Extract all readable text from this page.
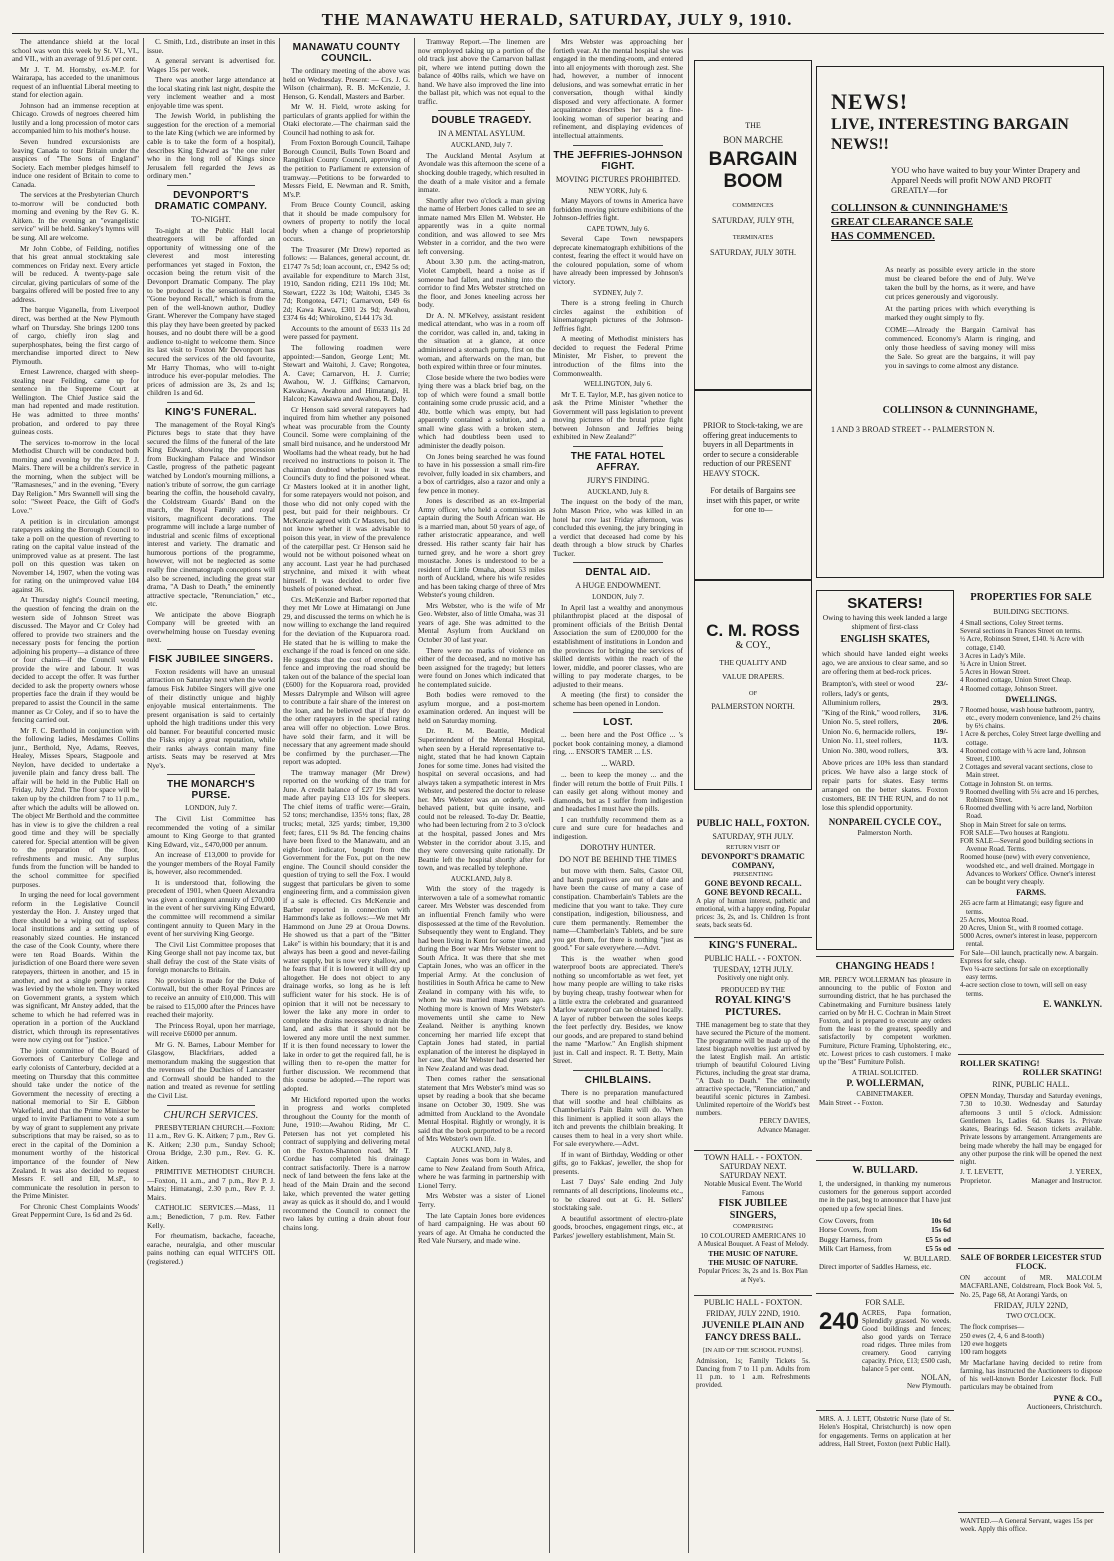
THE MANAWATU HERALD, SATURDAY, JULY 9, 1910.

The attendance shield at the local school was won this week by St. VI., VI., and VII., with an average of 91.6 per cent.

Mr J. T. M. Hornsby, ex-M.P. for Wairarapa, has acceded to the unanimous request of an influential Liberal meeting to stand for election again.

Johnson had an immense reception at Chicago. Crowds of negroes cheered him lustily and a long procession of motor cars accompanied him to his mother's house.

Seven hundred excursionists are leaving Canada to tour Britain under the auspices of "The Sons of England" Society. Each member pledges himself to induce one resident of Britain to come to Canada.

The services at the Presbyterian Church to-morrow will be conducted both morning and evening by the Rev G. K. Aitken. In the evening an "evangelistic service" will be held. Sankey's hymns will be sung. All are welcome.

Mr John Cobbe, of Feilding, notifies that his great annual stocktaking sale commences on Friday next. Every article will be reduced. A twenty-page sale circular, giving particulars of some of the bargains offered will be posted free to any address.

The barque Viganella, from Liverpool direct, was berthed at the New Plymouth wharf on Thursday. She brings 1200 tons of cargo, chiefly iron slag and superphosphates, being the first cargo of merchandise imported direct to New Plymouth.

Ernest Lawrence, charged with sheep-stealing near Feilding, came up for sentence in the Supreme Court at Wellington. The Chief Justice said the man had repented and made restitution. He was admitted to three months' probation, and ordered to pay three guineas costs.

The services to-morrow in the local Methodist Church will be conducted both morning and evening by the Rev. P. J. Mairs. There will be a children's service in the morning, when the subject will be "Ramasneses," and in the evening, "Every Day Religion." Mrs Swannell will sing the solo: "Sweet Peace, the Gift of God's Love."

A petition is in circulation amongst ratepayers asking the Borough Council to take a poll on the question of reverting to rating on the capital value instead of the unimproved value as at present. The last poll on this question was taken on November 14, 1907, when the voting was for rating on the unimproved value 104 against 36.

At Thursday night's Council meeting, the question of fencing the drain on the western side of Johnson Street was discussed. The Mayor and Cr Coley had offered to provide two strainers and the necessary posts for fencing the portion adjoining his property—a distance of three or four chains—if the Council would provide the wire and labour. It was decided to accept the offer. It was further decided to ask the property owners whose properties face the drain if they would be prepared to assist the Council in the same manner as Cr Coley, and if so to have the fencing carried out.

Mr F. C. Berthold in conjunction with the following ladies, Mesdames Collins junr., Berthold, Nye, Adams, Reeves, Healey, Misses Spears, Stagpoole and Neylon, have decided to undertake a juvenile plain and fancy dress ball. The affair will be held in the Public Hall on Friday, July 22nd. The floor space will be taken up by the children from 7 to 11 p.m., after which the adults will be allowed on. The object Mr Berthold and the committee has in view is to give the children a real good time and they will be specially catered for. Special attention will be given to the preparation of the floor, refreshments and music. Any surplus funds from the function will be handed to the school committee for specified purposes.

In urging the need for local government reform in the Legislative Council yesterday the Hon. J. Anstey urged that there should be a wiping out of useless local institutions and a setting up of reasonably sized counties. He instanced the case of the Cook County, where there were ten Road Boards. Within the jurisdiction of one Board there were seven ratepayers, thirteen in another, and 15 in another, and not a single penny in rates was levied by the whole ten. They worked on Government grants, a system which was significant, Mr Anstey added, that the scheme to which he had referred was in operation in a portion of the Auckland district, which through its representatives were now crying out for "justice."

The joint committee of the Board of Governors of Canterbury College and early colonists of Canterbury, decided at a meeting on Thursday that this committee should take under the notice of the Government the necessity of erecting a national memorial to Sir E. Gibbon Wakefield, and that the Prime Minister be urged to invite Parliament to vote a sum by way of grant to supplement any private subscriptions that may be raised, so as to erect in the capital of the Dominion a monument worthy of the historical importance of the founder of New Zealand. It was also decided to request Messrs F. sell and Ell, M.sP., to communicate the resolution in person to the Prime Minister.

For Chronic Chest Complaints Woods' Great Peppermint Cure, 1s 6d and 2s 6d.

C. Smith, Ltd., distribute an inset in this issue.

A general servant is advertised for. Wages 15s per week.

There was another large attendance at the local skating rink last night, despite the very inclement weather and a most enjoyable time was spent.

The Jewish World, in publishing the suggestion for the erection of a memorial to the late King (which we are informed by cable is to take the form of a hospital), describes King Edward as "the one ruler who in the long roll of Kings since Jerusalem fell regarded the Jews as ordinary men."

DEVONPORT'S DRAMATIC COMPANY.
TO-NIGHT.

To-night at the Public Hall local theatregoers will be afforded an opportunity of witnessing one of the cleverest and most interesting performances yet staged in Foxton, the occasion being the return visit of the Devonport Dramatic Company. The play to be produced is the sensational drama, "Gone beyond Recall," which is from the pen of the well-known author, Dudley Grant. Wherever the Company have staged this play they have been greeted by packed houses, and no doubt there will be a good audience to-night to welcome them. Since its last visit to Foxton Mr Devonport has secured the services of the old favourite, Mr Harry Thomas, who will to-night introduce his ever-popular melodies. The prices of admission are 3s, 2s and 1s; children 1s and 6d.

KING'S FUNERAL.

The management of the Royal King's Pictures begs to state that they have secured the films of the funeral of the late King Edward, showing the procession from Buckingham Palace and Windsor Castle, progress of the pathetic pageant watched by London's mourning millions, a nation's tribute of sorrow, the gun carriage bearing the coffin, the household cavalry, the Coldstream Guards' Band on the march, the Royal Family and royal visitors, magnificent decorations. The programme will include a large number of industrial and scenic films of exceptional interest and variety. The dramatic and humorous portions of the programme, however, will not be neglected as some really fine cinematograph conceptions will also be screened, including the great star drama, "A Dash to Death," the eminently attractive spectacle, "Renunciation," etc., etc.

We anticipate the above Biograph Company will be greeted with an overwhelming house on Tuesday evening next.

FISK JUBILEE SINGERS.

Foxton residents will have an unusual attraction on Saturday next when the world famous Fisk Jubilee Singers will give one of their distinctly unique and highly enjoyable musical entertainments. The present organisation is said to certainly uphold the high traditions under this very old banner. For beautiful concerted music the Fisks enjoy a great reputation, while their ranks always contain many fine artists. Seats may be reserved at Mrs Nye's.

THE MONARCH'S PURSE.

LONDON, July 7.

The Civil List Committee has recommended the voting of a similar amount to King George to that granted King Edward, viz., £470,000 per annum.

An increase of £13,000 to provide for the younger members of the Royal Family is, however, also recommended.

It is understood that, following the precedent of 1901, when Queen Alexandra was given a contingent annuity of £70,000 in the event of her surviving King Edward, the committee will recommend a similar contingent annuity to Queen Mary in the event of her surviving King George.

The Civil List Committee proposes that King George shall not pay income tax, but shall defray the cost of the State visits of foreign monarchs to Britain.

No provision is made for the Duke of Cornwall, but the other Royal Princes are to receive an annuity of £10,000. This will be raised to £15,000 after the Princes have reached their majority.

The Princess Royal, upon her marriage, will receive £6000 per annum.

Mr G. N. Barnes, Labour Member for Glasgow, Blackfriars, added a memorandum making the suggestion that the revenues of the Duchies of Lancaster and Cornwall should be handed to the nation and treated as revenue for settling the Civil List.

CHURCH SERVICES.

PRESBYTERIAN CHURCH.—Foxton: 11 a.m., Rev G. K. Aitken; 7 p.m., Rev G. K. Aitken; 2.30 p.m., Sunday School; Oroua Bridge, 2.30 p.m., Rev. G. K. Aitken.

PRIMITIVE METHODIST CHURCH.—Foxton, 11 a.m., and 7 p.m., Rev P. J. Mairs; Himatangi, 2.30 p.m., Rev P. J. Mairs.

CATHOLIC SERVICES.—Mass, 11 a.m.; Benediction, 7 p.m. Rev. Father Kelly.

For rheumatism, backache, faceache, earache, neuralgia, and other muscular pains nothing can equal WITCH'S OIL (registered.)

MANAWATU COUNTY COUNCIL.

The ordinary meeting of the above was held on Wednesday. Present: — Crs. J. G. Wilson (chairman), R. B. McKenzie, J. Henson, G. Kendall, Masters and Barber.

Mr W. H. Field, wrote asking for particulars of grants applied for within the Otaki electorate.—The chairman said the Council had nothing to ask for.

From Foxton Borough Council, Taihape Borough Council, Bulls Town Board and Rangitikei County Council, approving of the petition to Parliament re extension of tramway.—Petitions to be forwarded to Messrs Field, E. Newman and R. Smith, M's.P.

From Bruce County Council, asking that it should be made compulsory for owners of property to notify the local body when a change of proprietorship occurs.

The Treasurer (Mr Drew) reported as follows: — Balances, general account, dr. £1747 7s 5d; loan account, cr., £942 5s od; available for expenditure to March 31st, 1910, Sandon riding, £211 19s 10d; Mt. Stewart, £222 3s 10d; Waitohi, £345 3s 7d; Rongotea, £471; Carnarvon, £49 6s 2d; Kawa Kawa, £301 2s 9d; Awahou, £374 6s 4d; Whirokino, £144 17s 3d.

Accounts to the amount of £633 11s 2d were passed for payment.

The following roadmen were appointed:—Sandon, George Lent; Mt. Stewart and Waitohi, J. Cave; Rongotea, A. Cave; Carnarvon, H. J. Currie; Awahou, W. J. Giffkins; Carnarvon, Kawakawa, Awahou and Himatangi, H. Halcon; Kawakawa and Awahou, R. Daly.

Cr Henson said several ratepayers had inquired from him whether any poisoned wheat was procurable from the County Council. Some were complaining of the small bird nuisance, and he understood Mr Woollams had the wheat ready, but he had received no instructions to poison it. The chairman doubted whether it was the Council's duty to find the poisoned wheat. Cr Masters looked at it in another light, for some ratepayers would not poison, and those who did not only coped with the pest, but paid for their neighbours. Cr McKenzie agreed with Cr Masters, but did not know whether it was advisable to poison this year, in view of the prevalence of the caterpillar pest. Cr Henson said he would not be without poisoned wheat on any account. Last year he had purchased strychnine, and mixed it with wheat himself. It was decided to order five bushels of poisoned wheat.

Crs. McKenzie and Barber reported that they met Mr Lowe at Himatangi on June 29, and discussed the terms on which he is now willing to exchange the land required for the deviation of the Kupuarora road. He stated that he is willing to make the exchange if the road is fenced on one side. He suggests that the cost of erecting the fence and improving the road should be taken out of the balance of the special loan (£600) for the Kopuarora road, provided Messrs Dalrymple and Wilson will agree to contribute a fair share of the interest on the loan, and he believed that if they do the other ratepayers in the special rating area will offer no objection. Lowe Bros. have sold their farm, and it will be necessary that any agreement made should be confirmed by the purchaser.—The report was adopted.

The tramway manager (Mr Drew) reported on the working of the tram for June. A credit balance of £27 19s 8d was made after paying £13 10s for sleepers. The chief items of traffic were:—Grain, 52 tons; merchandise, 135½ tons; flax, 28 trucks; metal, 325 yards; timber, 19,300 feet; fares, £11 9s 8d. The fencing chains have been fixed to the Manawatu, and an eight-foot indicator, bought from the Government for the Fox, put on the new engine. The Council should consider the question of trying to sell the Fox. I would suggest that particulars be given to some engineering firm, and a commission given if a sale is effected. Crs McKenzie and Barber reported in connection with Hammond's lake as follows:—We met Mr Hammond on June 29 at Oroua Downs. He showed us that a part of the "Bitter Lake" is within his boundary; that it is and always has been a good and never-failing water supply, but is now very shallow, and he fears that if it is lowered it will dry up altogether. He does not object to any drainage works, so long as he is left sufficient water for his stock. He is of opinion that it will not be necessary to lower the lake any more in order to complete the drains necessary to drain the land, and asks that it should not be lowered any more until the next summer. If it is then found necessary to lower the lake in order to get the required fall, he is willing then to re-open the matter for further discussion. We recommend that this course be adopted.—The report was adopted.

Mr Hickford reported upon the works in progress and works completed throughout the County for the month of June, 1910:—Awahou Riding, Mr C. Petersen has not yet completed his contract of supplying and delivering metal on the Foxton-Shannon road. Mr T. Cordue has completed his drainage contract satisfactorily. There is a narrow neck of land between the fens lake at the head of the Main Drain and the second lake, which prevented the water getting away as quick as it should do, and I would recommend the Council to connect the two lakes by cutting a drain about four chains long.

Tramway Report.—The linemen are now employed taking up a portion of the old track just above the Carnarvon ballast pit, where we intend putting down the balance of 40lbs rails, which we have on hand. We have also improved the line into the ballast pit, which was not equal to the traffic.

DOUBLE TRAGEDY.
IN A MENTAL ASYLUM.

AUCKLAND, July 7.

The Auckland Mental Asylum at Avondale was this afternoon the scene of a shocking double tragedy, which resulted in the death of a male visitor and a female inmate.

Shortly after two o'clock a man giving the name of Herbert Jones called to see an inmate named Mrs Ellen M. Webster. He apparently was in a quite normal condition, and was allowed to see Mrs Webster in a corridor, and the two were left conversing.

About 3.30 p.m. the acting-matron, Violet Campbell, heard a noise as if someone had fallen, and rushing into the corridor to find Mrs Webster stretched on the floor, and Jones kneeling across her body.

Dr A. N. M'Kelvey, assistant resident medical attendant, who was in a room off the corridor, was called in, and, taking in the situation at a glance, at once administered a stomach pump, first on the woman, and afterwards on the man, but both expired within three or four minutes.

Close beside where the two bodies were lying there was a black brief bag, on the top of which were found a small bottle containing some crude prussic acid, and a 40z. bottle which was empty, but had apparently contained a solution, and a small wine glass with a broken stem, which had doubtless been used to administer the deadly poison.

On Jones being searched he was found to have in his possession a small rim-fire revolver, fully loaded in six chambers, and a box of cartridges, also a razor and only a few pence in money.

Jones is described as an ex-Imperial Army officer, who held a commission as captain during the South African war. He is a married man, about 50 years of age, of rather aristocratic appearance, and well dressed. His rather scanty fair hair has turned grey, and he wore a short grey moustache. Jones is understood to be a resident of Little Omaha, about 53 miles north of Auckland, where his wife resides and has been taking charge of three of Mrs Webster's young children.

Mrs Webster, who is the wife of Mr Geo. Webster, also of little Omaha, was 31 years of age. She was admitted to the Mental Asylum from Auckland on October 30 of last year.

There were no marks of violence on either of the deceased, and no motive has been assigned for the tragedy; but letters were found on Jones which indicated that he contemplated suicide.

Both bodies were removed to the asylum morgue, and a post-mortem examination ordered. An inquest will be held on Saturday morning.

Dr. R. M. Beattie, Medical Superintendent of the Mental Hospital, when seen by a Herald representative to-night, stated that he had known Captain Jones for some time. Jones had visited the hospital on several occasions, and had always taken a sympathetic interest in Mrs Webster, and pestered the doctor to release her. Mrs Webster was an orderly, well-behaved patient, but quite insane, and could not be released. To-day Dr. Beattie, who had been lecturing from 2 to 3 o'clock at the hospital, passed Jones and Mrs Webster in the corridor about 3.15, and they were conversing quite rationally. Dr Beattie left the hospital shortly after for town, and was recalled by telephone.

AUCKLAND, July 8.

With the story of the tragedy is interwoven a tale of a somewhat romantic career. Mrs Webster was descended from an influential French family who were dispossessed at the time of the Revolution. Subsequently they went to England. They had been living in Kent for some time, and during the Boer war Mrs Webster went to South Africa. It was there that she met Captain Jones, who was an officer in the Imperial Army. At the conclusion of hostilities in South Africa he came to New Zealand in company with his wife, to whom he was married many years ago. Nothing more is known of Mrs Webster's movements until she came to New Zealand. Neither is anything known concerning her married life except that Captain Jones had stated, in partial explanation of the interest he displayed in her case, that Mr Webster had deserted her in New Zealand and was dead.

Then comes rather the sensational statement that Mrs Webster's mind was so upset by reading a book that she became insane on October 30, 1909. She was admitted from Auckland to the Avondale Mental Hospital. Rightly or wrongly, it is said that the book purported to be a record of Mrs Webster's own life.

AUCKLAND, July 8.

Captain Jones was born in Wales, and came to New Zealand from South Africa, where he was farming in partnership with Lionel Terry.

Mrs Webster was a sister of Lionel Terry.

The late Captain Jones bore evidences of hard campaigning. He was about 60 years of age. At Omaha he conducted the Red Vale Nursery, and made wine.

Mrs Webster was approaching her fortieth year. At the mental hospital she was engaged in the mending-room, and entered into all enjoyments with thorough zest. She had, however, a number of innocent delusions, and was somewhat erratic in her conversation, though withal kindly disposed and very affectionate. A former acquaintance describes her as a fine-looking woman of superior bearing and refinement, and displaying evidences of intellectual attainments.

THE JEFFRIES-JOHNSON FIGHT.
MOVING PICTURES PROHIBITED.

NEW YORK, July 6.

Many Mayors of towns in America have forbidden moving picture exhibitions of the Johnson-Jeffries fight.

CAPE TOWN, July 6.

Several Cape Town newspapers deprecate kinematograph exhibitions of the contest, fearing the effect it would have on the coloured population, some of whom have already been impressed by Johnson's victory.

SYDNEY, July 7.

There is a strong feeling in Church circles against the exhibition of kinematograph pictures of the Johnson-Jeffries fight.

A meeting of Methodist ministers has decided to request the Federal Prime Minister, Mr Fisher, to prevent the introduction of the films into the Commonwealth.

WELLINGTON, July 6.

Mr T. E. Taylor, M.P., has given notice to ask the Prime Minister "whether the Government will pass legislation to prevent moving pictures of the brutal prize fight between Johnson and Jeffries being exhibited in New Zealand?"

THE FATAL HOTEL AFFRAY.
JURY'S FINDING.

AUCKLAND, July 8.

The inquest on the body of the man, John Mason Price, who was killed in an hotel bar row last Friday afternoon, was concluded this evening, the jury bringing in a verdict that deceased had come by his death through a blow struck by Charles Tucker.

DENTAL AID.
A HUGE ENDOWMENT.

LONDON, July 7.

In April last a wealthy and anonymous philanthropist placed at the disposal of prominent officials of the British Dental Association the sum of £200,000 for the establishment of institutions in London and the provinces for bringing the services of skilled dentists within the reach of the lower, middle, and poorer classes, who are willing to pay moderate charges, to be adjusted to their means.

A meeting (the first) to consider the scheme has been opened in London.

LOST.

... been here and the Post Office ... 's pocket book containing money, a diamond ring, ... ENSOR'S TAMER ... LS.

... WARD.

... been to keep the money ... and the finder will return the bottle of Fruit Pills. I can easily get along without money and diamonds, but as I suffer from indigestion and headaches I must have the pills.

I can truthfully recommend them as a cure and sure cure for headaches and indigestion.

DOROTHY HUNTER.
DO NOT BE BEHIND THE TIMES

but move with them. Salts, Castor Oil, and harsh purgatives are out of date and have been the cause of many a case of constipation. Chamberlain's Tablets are the medicine that you want to take. They cure constipation, indigestion, biliousness, and cure them permanently. Remember the name—Chamberlain's Tablets, and be sure you get them, for there is nothing "just as good." For sale everywhere.—Advt.

This is the weather when good waterproof boots are appreciated. There's nothing so uncomfortable as wet feet, yet how many people are willing to take risks by buying cheap, trashy footwear when for a little extra the celebrated and guaranteed Marlow waterproof can be obtained locally. A layer of rubber between the soles keeps the feet perfectly dry. Besides, we know our goods, and are prepared to stand behind the name "Marlow." An English shipment just in. Call and inspect. R. T. Betty, Main Street.

CHILBLAINS.

There is no preparation manufactured that will soothe and heal chilblains as Chamberlain's Pain Balm will do. When this liniment is applied it soon allays the itch and prevents the chilblain breaking. It causes them to heal in a very short while. For sale everywhere.—Advt.

If in want of Birthday, Wedding or other gifts, go to Fakkas', jeweller, the shop for presents.

Last 7 Days' Sale ending 2nd July remnants of all descriptions, linoleums etc., to be cleared out at G. H. Sellers' stocktaking sale.

A beautiful assortment of electro-plate goods, brooches, engagement rings, etc., at Parkes' jewellery establishment, Main St.

THE
BON MARCHE
BARGAIN
BOOM
COMMENCES
SATURDAY, JULY 9TH,
TERMINATES
SATURDAY, JULY 30TH.
PRIOR to Stock-taking, we are offering great inducements to buyers in all Departments in order to secure a considerable reduction of our PRESENT HEAVY STOCK.
For details of Bargains see inset with this paper, or write for one to—
C. M. ROSS
& COY.,
THE QUALITY AND
VALUE DRAPERS.
OF
PALMERSTON NORTH.
PUBLIC HALL, FOXTON.
SATURDAY, 9TH JULY.
RETURN VISIT OF
DEVONPORT'S DRAMATIC COMPANY,
PRESENTING
GONE BEYOND RECALL.
GONE BEYOND RECALL.
A play of human interest, pathetic and emotional, with a happy ending. Popular prices: 3s, 2s, and 1s. Children 1s front seats, back seats 6d.
KING'S FUNERAL.
PUBLIC HALL - - FOXTON.
TUESDAY, 12TH JULY.
Positively one night only.
PRODUCED BY THE
ROYAL KING'S PICTURES.
THE management beg to state that they have secured the Picture of the moment. The programme will be made up of the latest biograph novelties just arrived by the latest English mail. An artistic triumph of beautiful Coloured Living Pictures, including the great star drama, "A Dash to Death." The eminently attractive spectacle, "Renunciation," and beautiful scenic pictures in Zambesi. Unlimited repertoire of the World's best numbers.
PERCY DAVIES,
Advance Manager.
TOWN HALL - - FOXTON.
SATURDAY NEXT.
SATURDAY NEXT.
Notable Musical Event. The World Famous
FISK JUBILEE SINGERS,
COMPRISING
10 COLOURED AMERICANS 10
A Musical Bouquet. A Feast of Melody.
THE MUSIC OF NATURE.
THE MUSIC OF NATURE.
Popular Prices: 3s, 2s and 1s. Box Plan at Nye's.
PUBLIC HALL - FOXTON.
FRIDAY, JULY 22ND, 1910.
JUVENILE PLAIN AND FANCY DRESS BALL.
[IN AID OF THE SCHOOL FUNDS].
Admission, 1s; Family Tickets 5s. Dancing from 7 to 11 p.m. Adults from 11 p.m. to 1 a.m. Refreshments provided.
SKATERS!
Owing to having this week landed a large shipment of first-class
ENGLISH SKATES,
which should have landed eight weeks ago, we are anxious to clear same, and so are offering them at bed-rock prices.
Brampton's, with steel or wood rollers, lady's or gents,
23/-
Alluminium rollers,	29/3.
"King of the Rink," wood rollers, 31/6.
Union No. 5, steel rollers,	20/6.
Union No. 6, hermacide rollers,	19/-
Union No. 11, steel rollers,	11/3.
Union No. 380, wood rollers,	3/3.
Above prices are 10% less than standard prices. We have also a large stock of repair parts for skates. Easy terms arranged on the better skates. Foxton customers, BE IN THE RUN, and do not lose this splendid opportunity.
NONPAREIL CYCLE COY.,
Palmerston North.
NEWS!
LIVE, INTERESTING BARGAIN NEWS!!
YOU who have waited to buy your Winter Drapery and Apparel Needs will profit NOW AND PROFIT GREATLY—for
COLLINSON & CUNNINGHAME'S
GREAT CLEARANCE SALE
HAS COMMENCED.

As nearly as possible every article in the store must be cleared before the end of July. We've taken the bull by the horns, as it were, and have cut prices generously and vigorously.

At the parting prices with which everything is marked they ought simply to fly.

COME—Already the Bargain Carnival has commenced. Economy's Alarm is ringing, and only those heedless of saving money will miss the Sale. So great are the bargains, it will pay you in savings to come almost any distance.

COLLINSON & CUNNINGHAME,
1 AND 3 BROAD STREET - - PALMERSTON N.
PROPERTIES FOR SALE
BUILDING SECTIONS.
4 Small sections, Coley Street terms.
Several sections in Frances Street on terms.
½ Acre, Robinson Street, £140. ¾ Acre with cottage, £140.
3 Acres in Lady's Mile.
¾ Acre in Union Street.
5 Acres in Howan Street.
4 Roomed cottage, Union Street Cheap.
4 Roomed cottage, Johnson Street.
DWELLINGS.
7 Roomed house, wash house bathroom, pantry, etc., every modern convenience, land 2½ chains by 6½ chains.
1 Acre & perches, Coley Street large dwelling and cottage.
4 Roomed cottage with ¼ acre land, Johnson Street, £100.
2 Cottages and several vacant sections, close to Main street.
Cottage in Johnston St. on terms.
9 Roomed dwelling with 5¼ acre and 16 perches, Robinson Street.
6 Roomed dwelling with ¾ acre land, Norbiton Road.
Shop in Main Street for sale on terms.
FOR SALE—Two houses at Rangiotu.
FOR SALE—Several good building sections in Avenue Road. Terms.
Roomed house (new) with every convenience, woodshed etc., and well drained. Mortgage in Advances to Workers' Office. Owner's interest can be bought very cheaply.
FARMS.
265 acre farm at Himatangi; easy figure and terms.
25 Acres, Moutoa Road.
20 Acres, Union St., with 8 roomed cottage.
5000 Acres, owner's interest in lease, peppercorn rental.
For Sale—Oil launch, practically new. A bargain.
Express for sale, cheap.
Two ¼-acre sections for sale on exceptionally easy terms.
4-acre section close to town, will sell on easy terms.
E. WANKLYN.
CHANGING HEADS !
MR. PERCY WOLLERMAN has pleasure in announcing to the public of Foxton and surrounding district, that he has purchased the Cabinetmaking and Furniture business lately carried on by Mr H. C. Cochran in Main Street Foxton, and is prepared to execute any orders from the least to the greatest, speedily and satisfactorily by competent workmen. Furniture, Picture Framing, Upholstering, etc., etc. Lowest prices to cash customers. I make up the "Best" Furniture Polish.
A TRIAL SOLICITED.
P. WOLLERMAN,
CABINETMAKER.
Main Street - - Foxton.
W. BULLARD.
I, the undersigned, in thanking my numerous customers for the generous support accorded me in the past, beg to announce that I have just opened up a few special lines.
Cow Covers, from	10s 6d
Horse Covers, from	15s 6d
Buggy Harness, from	£5 5s od
Milk Cart Harness, from	£5 5s od
W. BULLARD.
Direct importer of Saddles Harness, etc.
FOR SALE.
240 ACRES, Papa formation, Splendidly grassed. No weeds. Good buildings and fences; also good yards on Terrace road ridges. Three miles from creamery. Good carrying capacity. Price, £13; £500 cash, balance 5 per cent.
NOLAN,
New Plymouth.
MRS. A. J. LETT, Obstetric Nurse (late of St. Helen's Hospital, Christchurch) is now open for engagements. Terms on application at her address, Hall Street, Foxton (next Public Hall).
ROLLER SKATING!
ROLLER SKATING!
RINK, PUBLIC HALL.
OPEN Monday, Thursday and Saturday evenings, 7.30 to 10.30. Wednesday and Saturday afternoons 3 until 5 o'clock. Admission: Gentlemen 1s, Ladies 6d. Skates 1s. Private skates, Bearings 6d. Season tickets available. Private lessons by arrangement. Arrangements are being made whereby the hall may be engaged for any other purpose the rink will be opened the next night.
J. T. LEVETT,	J. YEREX,
Proprietor.	Manager and Instructor.
SALE OF BORDER LEICESTER STUD FLOCK.
ON account of MR. MALCOLM MACFARLANE, Coldstream, Flock Book Vol. 5, No. 25, Page 68, At Aorangi Yards, on
FRIDAY, JULY 22ND,
TWO O'CLOCK.
The flock comprises—
250 ewes (2, 4, 6 and 8-tooth)
120 ewe hoggets
100 ram hoggets
Mr Macfarlane having decided to retire from farming, has instructed the Auctioneers to dispose of his well-known Border Leicester flock. Full particulars may be obtained from
PYNE & CO.,
Auctioneers, Christchurch.
WANTED.—A General Servant, wages 15s per week. Apply this office.
